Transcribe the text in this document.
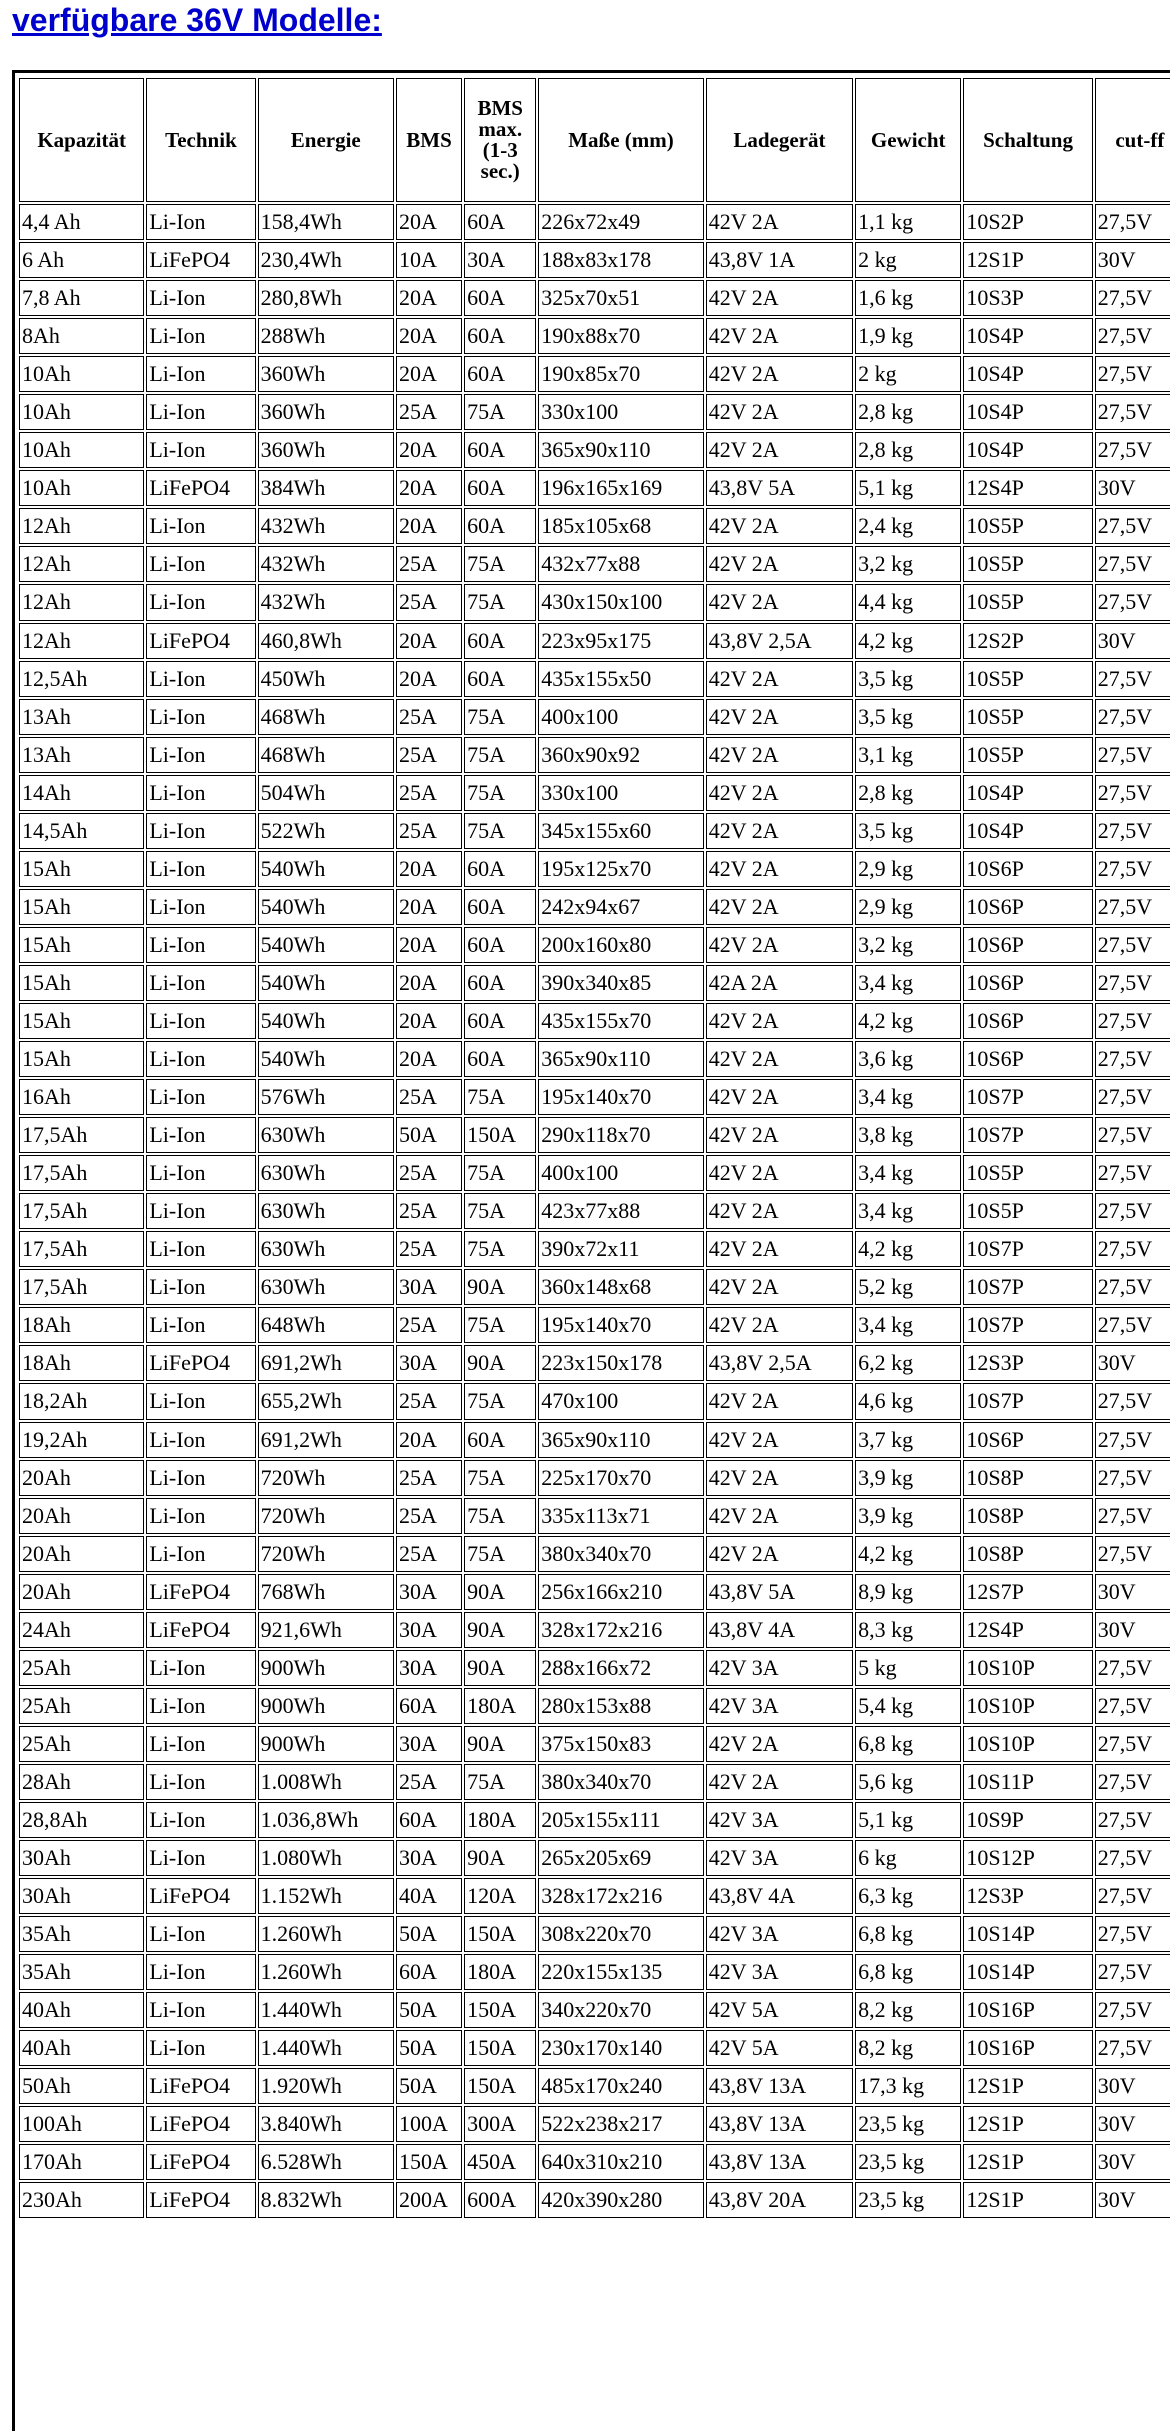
verfügbare 36V Modelle:
Kapazität	Technik	Energie	BMS	BMS max. (1-3 sec.)	Maße (mm)	Ladegerät	Gewicht	Schaltung	cut-ff
4,4 Ah	Li-Ion	158,4Wh	20A	60A	226x72x49	42V 2A	1,1 kg	10S2P	27,5V
6 Ah	LiFePO4	230,4Wh	10A	30A	188x83x178	43,8V 1A	2 kg	12S1P	30V
7,8 Ah	Li-Ion	280,8Wh	20A	60A	325x70x51	42V 2A	1,6 kg	10S3P	27,5V
8Ah	Li-Ion	288Wh	20A	60A	190x88x70	42V 2A	1,9 kg	10S4P	27,5V
10Ah	Li-Ion	360Wh	20A	60A	190x85x70	42V 2A	2 kg	10S4P	27,5V
10Ah	Li-Ion	360Wh	25A	75A	330x100	42V 2A	2,8 kg	10S4P	27,5V
10Ah	Li-Ion	360Wh	20A	60A	365x90x110	42V 2A	2,8 kg	10S4P	27,5V
10Ah	LiFePO4	384Wh	20A	60A	196x165x169	43,8V 5A	5,1 kg	12S4P	30V
12Ah	Li-Ion	432Wh	20A	60A	185x105x68	42V 2A	2,4 kg	10S5P	27,5V
12Ah	Li-Ion	432Wh	25A	75A	432x77x88	42V 2A	3,2 kg	10S5P	27,5V
12Ah	Li-Ion	432Wh	25A	75A	430x150x100	42V 2A	4,4 kg	10S5P	27,5V
12Ah	LiFePO4	460,8Wh	20A	60A	223x95x175	43,8V 2,5A	4,2 kg	12S2P	30V
12,5Ah	Li-Ion	450Wh	20A	60A	435x155x50	42V 2A	3,5 kg	10S5P	27,5V
13Ah	Li-Ion	468Wh	25A	75A	400x100	42V 2A	3,5 kg	10S5P	27,5V
13Ah	Li-Ion	468Wh	25A	75A	360x90x92	42V 2A	3,1 kg	10S5P	27,5V
14Ah	Li-Ion	504Wh	25A	75A	330x100	42V 2A	2,8 kg	10S4P	27,5V
14,5Ah	Li-Ion	522Wh	25A	75A	345x155x60	42V 2A	3,5 kg	10S4P	27,5V
15Ah	Li-Ion	540Wh	20A	60A	195x125x70	42V 2A	2,9 kg	10S6P	27,5V
15Ah	Li-Ion	540Wh	20A	60A	242x94x67	42V 2A	2,9 kg	10S6P	27,5V
15Ah	Li-Ion	540Wh	20A	60A	200x160x80	42V 2A	3,2 kg	10S6P	27,5V
15Ah	Li-Ion	540Wh	20A	60A	390x340x85	42A 2A	3,4 kg	10S6P	27,5V
15Ah	Li-Ion	540Wh	20A	60A	435x155x70	42V 2A	4,2 kg	10S6P	27,5V
15Ah	Li-Ion	540Wh	20A	60A	365x90x110	42V 2A	3,6 kg	10S6P	27,5V
16Ah	Li-Ion	576Wh	25A	75A	195x140x70	42V 2A	3,4 kg	10S7P	27,5V
17,5Ah	Li-Ion	630Wh	50A	150A	290x118x70	42V 2A	3,8 kg	10S7P	27,5V
17,5Ah	Li-Ion	630Wh	25A	75A	400x100	42V 2A	3,4 kg	10S5P	27,5V
17,5Ah	Li-Ion	630Wh	25A	75A	423x77x88	42V 2A	3,4 kg	10S5P	27,5V
17,5Ah	Li-Ion	630Wh	25A	75A	390x72x11	42V 2A	4,2 kg	10S7P	27,5V
17,5Ah	Li-Ion	630Wh	30A	90A	360x148x68	42V 2A	5,2 kg	10S7P	27,5V
18Ah	Li-Ion	648Wh	25A	75A	195x140x70	42V 2A	3,4 kg	10S7P	27,5V
18Ah	LiFePO4	691,2Wh	30A	90A	223x150x178	43,8V 2,5A	6,2 kg	12S3P	30V
18,2Ah	Li-Ion	655,2Wh	25A	75A	470x100	42V 2A	4,6 kg	10S7P	27,5V
19,2Ah	Li-Ion	691,2Wh	20A	60A	365x90x110	42V 2A	3,7 kg	10S6P	27,5V
20Ah	Li-Ion	720Wh	25A	75A	225x170x70	42V 2A	3,9 kg	10S8P	27,5V
20Ah	Li-Ion	720Wh	25A	75A	335x113x71	42V 2A	3,9 kg	10S8P	27,5V
20Ah	Li-Ion	720Wh	25A	75A	380x340x70	42V 2A	4,2 kg	10S8P	27,5V
20Ah	LiFePO4	768Wh	30A	90A	256x166x210	43,8V 5A	8,9 kg	12S7P	30V
24Ah	LiFePO4	921,6Wh	30A	90A	328x172x216	43,8V 4A	8,3 kg	12S4P	30V
25Ah	Li-Ion	900Wh	30A	90A	288x166x72	42V 3A	5 kg	10S10P	27,5V
25Ah	Li-Ion	900Wh	60A	180A	280x153x88	42V 3A	5,4 kg	10S10P	27,5V
25Ah	Li-Ion	900Wh	30A	90A	375x150x83	42V 2A	6,8 kg	10S10P	27,5V
28Ah	Li-Ion	1.008Wh	25A	75A	380x340x70	42V 2A	5,6 kg	10S11P	27,5V
28,8Ah	Li-Ion	1.036,8Wh	60A	180A	205x155x111	42V 3A	5,1 kg	10S9P	27,5V
30Ah	Li-Ion	1.080Wh	30A	90A	265x205x69	42V 3A	6 kg	10S12P	27,5V
30Ah	LiFePO4	1.152Wh	40A	120A	328x172x216	43,8V 4A	6,3 kg	12S3P	27,5V
35Ah	Li-Ion	1.260Wh	50A	150A	308x220x70	42V 3A	6,8 kg	10S14P	27,5V
35Ah	Li-Ion	1.260Wh	60A	180A	220x155x135	42V 3A	6,8 kg	10S14P	27,5V
40Ah	Li-Ion	1.440Wh	50A	150A	340x220x70	42V 5A	8,2 kg	10S16P	27,5V
40Ah	Li-Ion	1.440Wh	50A	150A	230x170x140	42V 5A	8,2 kg	10S16P	27,5V
50Ah	LiFePO4	1.920Wh	50A	150A	485x170x240	43,8V 13A	17,3 kg	12S1P	30V
100Ah	LiFePO4	3.840Wh	100A	300A	522x238x217	43,8V 13A	23,5 kg	12S1P	30V
170Ah	LiFePO4	6.528Wh	150A	450A	640x310x210	43,8V 13A	23,5 kg	12S1P	30V
230Ah	LiFePO4	8.832Wh	200A	600A	420x390x280	43,8V 20A	23,5 kg	12S1P	30V
